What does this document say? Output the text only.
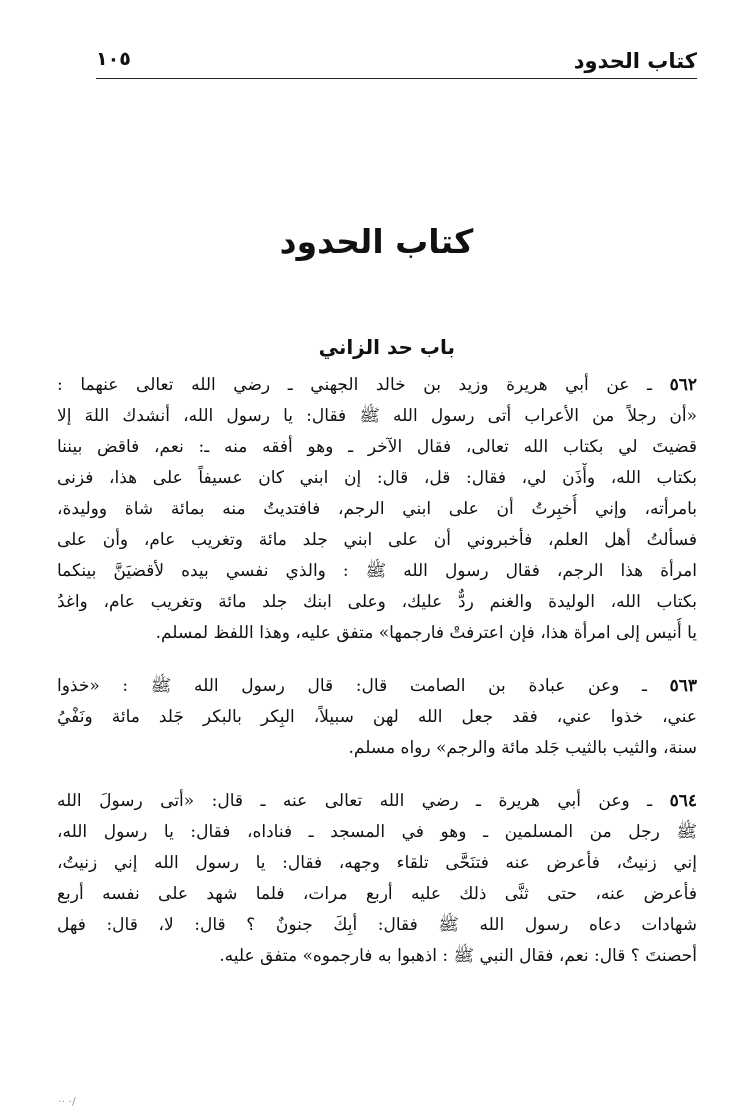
كتاب الحدود
١٠٥
كتاب الحدود
باب حد الزاني
٥٦٢ ـ عن أبي هريرة وزيد بن خالد الجهني ـ رضي الله تعالى عنهما :
«أن رجلاً من الأعراب أتى رسول الله ﷺ فقال: يا رسول الله، أنشدك اللهَ إلا
قضيتَ لي بكتاب الله تعالى، فقال الآخر ـ وهو أفقه منه ـ: نعم، فاقض بيننا
بكتاب الله، وأْذَن لي، فقال: قل، قال: إن ابني كان عسيفاً على هذا، فزنى
بامرأته، وإني أُخبِرتُ أن على ابني الرجم، فافتديتُ منه بمائة شاة ووليدة،
فسألتُ أهل العلم، فأخبروني أن على ابني جلد مائة وتغريب عام، وأن على
امرأة هذا الرجم، فقال رسول الله ﷺ : والذي نفسي بيده لأقضيَنَّ بينكما
بكتاب الله، الوليدة والغنم ردٌّ عليك، وعلى ابنك جلد مائة وتغريب عام، واغدُ
يا أُنيس إلى امرأة هذا، فإن اعترفتْ فارجمها» متفق عليه، وهذا اللفظ لمسلم.
٥٦٣ ـ وعن عبادة بن الصامت قال: قال رسول الله ﷺ : «خذوا
عني، خذوا عني، فقد جعل الله لهن سبيلاً، البِكر بالبكر جَلد مائة ونَفْيُ
سنة، والثيب بالثيب جَلد مائة والرجم» رواه مسلم.
٥٦٤ ـ وعن أبي هريرة ـ رضي الله تعالى عنه ـ قال: «أتى رسولَ الله
ﷺ رجل من المسلمين ـ وهو في المسجد ـ فناداه، فقال: يا رسول الله،
إني زنيتُ، فأعرض عنه فتنَحَّى تلقاء وجهه، فقال: يا رسول الله إني زنيتُ،
فأعرض عنه، حتى ثنَّى ذلك عليه أربع مرات، فلما شهد على نفسه أربع
شهادات دعاه رسول الله ﷺ فقال: أبِكَ جنونٌ ؟ قال: لا، قال: فهل
أحصنتَ ؟ قال: نعم، فقال النبي ﷺ : اذهبوا به فارجموه» متفق عليه.
·· ·/
